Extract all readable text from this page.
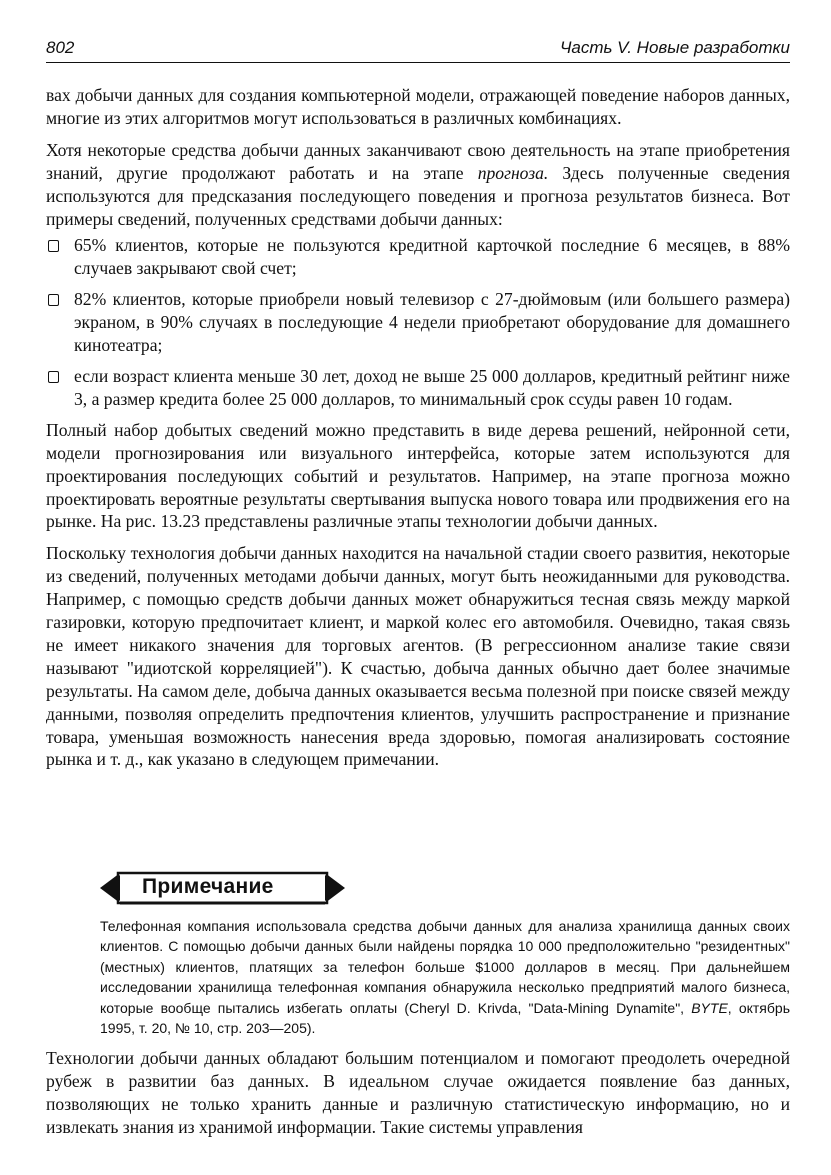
802	Часть V. Новые разработки

вах добычи данных для создания компьютерной модели, отражающей поведение наборов данных, многие из этих алгоритмов могут использоваться в различных комбинациях.

Хотя некоторые средства добычи данных заканчивают свою деятельность на этапе приобретения знаний, другие продолжают работать и на этапе прогноза. Здесь полученные сведения используются для предсказания последующего поведения и прогноза результатов бизнеса. Вот примеры сведений, полученных средствами добычи данных:

65% клиентов, которые не пользуются кредитной карточкой последние 6 месяцев, в 88% случаев закрывают свой счет;
82% клиентов, которые приобрели новый телевизор с 27-дюймовым (или большего размера) экраном, в 90% случаях в последующие 4 недели приобретают оборудование для домашнего кинотеатра;
если возраст клиента меньше 30 лет, доход не выше 25 000 долларов, кредитный рейтинг ниже 3, а размер кредита более 25 000 долларов, то минимальный срок ссуды равен 10 годам.

Полный набор добытых сведений можно представить в виде дерева решений, нейронной сети, модели прогнозирования или визуального интерфейса, которые затем используются для проектирования последующих событий и результатов. Например, на этапе прогноза можно проектировать вероятные результаты свертывания выпуска нового товара или продвижения его на рынке. На рис. 13.23 представлены различные этапы технологии добычи данных.

Поскольку технология добычи данных находится на начальной стадии своего развития, некоторые из сведений, полученных методами добычи данных, могут быть неожиданными для руководства. Например, с помощью средств добычи данных может обнаружиться тесная связь между маркой газировки, которую предпочитает клиент, и маркой колес его автомобиля. Очевидно, такая связь не имеет никакого значения для торговых агентов. (В регрессионном анализе такие связи называют "идиотской корреляцией"). К счастью, добыча данных обычно дает более значимые результаты. На самом деле, добыча данных оказывается весьма полезной при поиске связей между данными, позволяя определить предпочтения клиентов, улучшить распространение и признание товара, уменьшая возможность нанесения вреда здоровью, помогая анализировать состояние рынка и т. д., как указано в следующем примечании.

Примечание
Телефонная компания использовала средства добычи данных для анализа хранилища данных своих клиентов. С помощью добычи данных были найдены порядка 10 000 предположительно "резидентных" (местных) клиентов, платящих за телефон больше $1000 долларов в месяц. При дальнейшем исследовании хранилища телефонная компания обнаружила несколько предприятий малого бизнеса, которые вообще пытались избегать оплаты (Cheryl D. Krivda, "Data-Mining Dynamite", BYTE, октябрь 1995, т. 20, № 10, стр. 203—205).

Технологии добычи данных обладают большим потенциалом и помогают преодолеть очередной рубеж в развитии баз данных. В идеальном случае ожидается появление баз данных, позволяющих не только хранить данные и различную статистическую информацию, но и извлекать знания из хранимой информации. Такие системы управления
